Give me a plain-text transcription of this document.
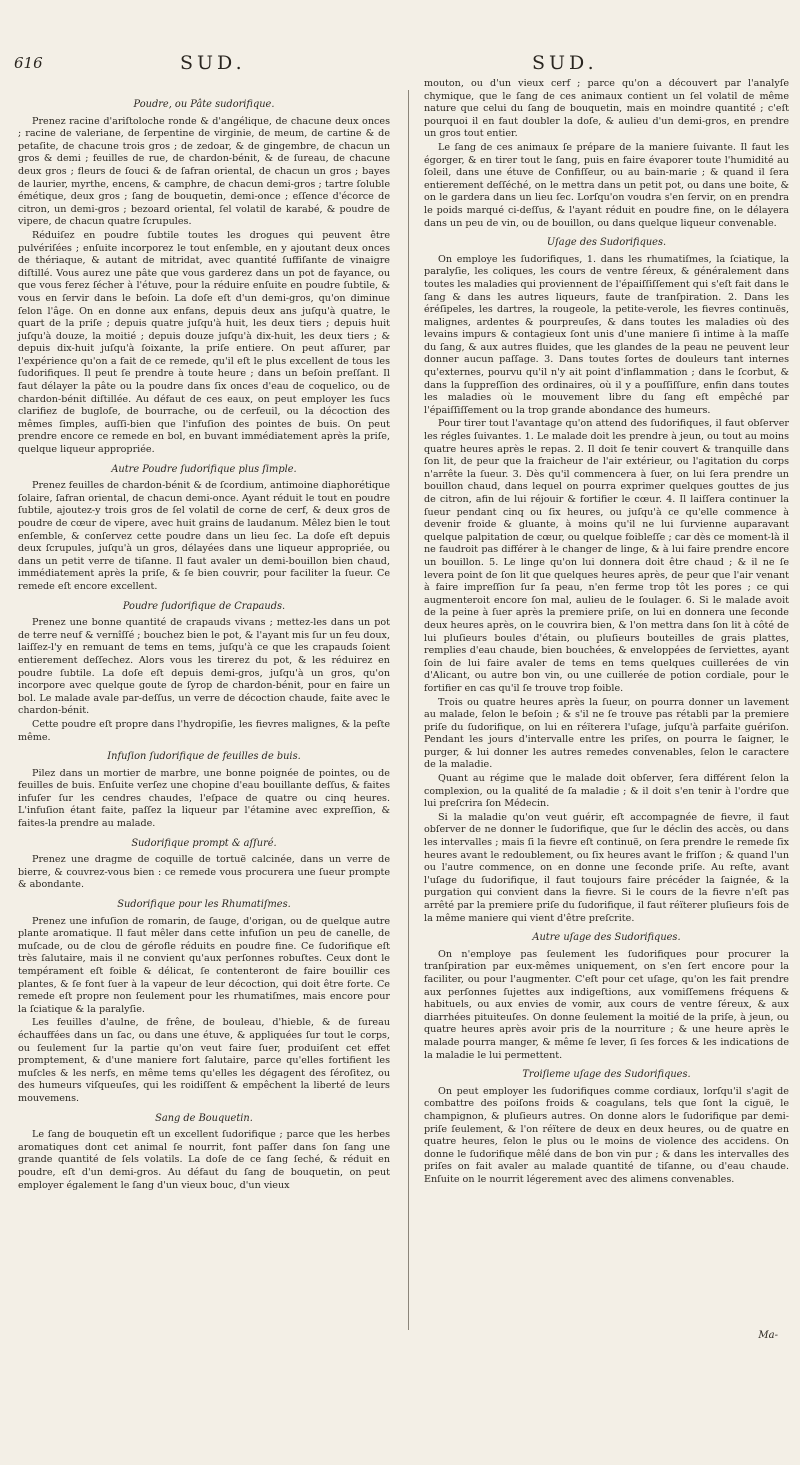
616	SUD.	SUD.
Poudre, ou Pâte sudorifique.

Prenez racine d'ariſtoloche ronde & d'angélique, de chacune deux onces ; racine de valeriane, de ſerpentine de virginie, de meum, de cartine & de petaſite, de chacune trois gros ; de zedoar, & de gingembre, de chacun un gros & demi ; feuilles de rue, de chardon-bénit, & de ſureau, de chacune deux gros ; fleurs de ſouci & de ſafran oriental, de chacun un gros ; bayes de laurier, myrthe, encens, & camphre, de chacun demi-gros ; tartre ſoluble émétique, deux gros ; ſang de bouquetin, demi-once ; eſſence d'écorce de citron, un demi-gros ; bezoard oriental, ſel volatil de karabé, & poudre de vipere, de chacun quatre ſcrupules.

Réduiſez en poudre ſubtile toutes les drogues qui peuvent être pulvériſées ; enſuite incorporez le tout enſemble, en y ajoutant deux onces de thériaque, & autant de mitridat, avec quantité ſuffiſante de vinaigre diſtillé. Vous aurez une pâte que vous garderez dans un pot de fayance, ou que vous ferez ſécher à l'étuve, pour la réduire enſuite en poudre ſubtile, & vous en ſervir dans le beſoin. La doſe eſt d'un demi-gros, qu'on diminue ſelon l'âge. On en donne aux enfans, depuis deux ans juſqu'à quatre, le quart de la priſe ; depuis quatre juſqu'à huit, les deux tiers ; depuis huit juſqu'à douze, la moitié ; depuis douze juſqu'à dix-huit, les deux tiers ; & depuis dix-huit juſqu'à ſoixante, la priſe entiere. On peut aſſurer, par l'expérience qu'on a fait de ce remede, qu'il eſt le plus excellent de tous les ſudorifiques. Il peut ſe prendre à toute heure ; dans un beſoin preſſant. Il faut délayer la pâte ou la poudre dans ſix onces d'eau de coquelico, ou de chardon-bénit diſtillée. Au défaut de ces eaux, on peut employer les ſucs clarifiez de bugloſe, de bourrache, ou de cerfeuil, ou la décoction des mêmes ſimples, auſſi-bien que l'infuſion des pointes de buis. On peut prendre encore ce remede en bol, en buvant immédiatement après la priſe, quelque liqueur appropriée.

Autre Poudre ſudorifique plus ſimple.

Prenez feuilles de chardon-bénit & de ſcordium, antimoine diaphorétique ſolaire, ſafran oriental, de chacun demi-once. Ayant réduit le tout en poudre ſubtile, ajoutez-y trois gros de ſel volatil de corne de cerf, & deux gros de poudre de cœur de vipere, avec huit grains de laudanum. Mêlez bien le tout enſemble, & conſervez cette poudre dans un lieu ſec. La doſe eſt depuis deux ſcrupules, juſqu'à un gros, délayées dans une liqueur appropriée, ou dans un petit verre de tiſanne. Il faut avaler un demi-bouillon bien chaud, immédiatement après la priſe, & ſe bien couvrir, pour faciliter la ſueur. Ce remede eſt encore excellent.

Poudre ſudorifique de Crapauds.

Prenez une bonne quantité de crapauds vivans ; mettez-les dans un pot de terre neuf & vernîſſé ; bouchez bien le pot, & l'ayant mis ſur un feu doux, laiſſez-l'y en remuant de tems en tems, juſqu'à ce que les crapauds ſoient entierement deſſechez. Alors vous les tirerez du pot, & les réduirez en poudre ſubtile. La doſe eſt depuis demi-gros, juſqu'à un gros, qu'on incorpore avec quelque goute de ſyrop de chardon-bénit, pour en faire un bol. Le malade avale par-deſſus, un verre de décoction chaude, faite avec le chardon-bénit.

Cette poudre eſt propre dans l'hydropiſie, les fievres malignes, & la peſte même.

Infuſion ſudorifique de feuilles de buis.

Pilez dans un mortier de marbre, une bonne poignée de pointes, ou de feuilles de buis. Enſuite verſez une chopine d'eau bouillante deſſus, & faites infuſer ſur les cendres chaudes, l'eſpace de quatre ou cinq heures. L'infuſion étant faite, paſſez la liqueur par l'étamine avec expreſſion, & faites-la prendre au malade.

Sudorifique prompt & aſſuré.

Prenez une dragme de coquille de tortuë calcinée, dans un verre de bierre, & couvrez-vous bien : ce remede vous procurera une ſueur prompte & abondante.

Sudorifique pour les Rhumatiſmes.

Prenez une infuſion de romarin, de ſauge, d'origan, ou de quelque autre plante aromatique. Il faut mêler dans cette infuſion un peu de canelle, de muſcade, ou de clou de gérofle réduits en poudre fine. Ce ſudorifique eſt très ſalutaire, mais il ne convient qu'aux perſonnes robuſtes. Ceux dont le tempérament eſt foible & délicat, ſe contenteront de faire bouillir ces plantes, & ſe font ſuer à la vapeur de leur décoction, qui doit être forte. Ce remede eſt propre non ſeulement pour les rhumatiſmes, mais encore pour la ſciatique & la paralyſie.

Les feuilles d'aulne, de frêne, de bouleau, d'hieble, & de ſureau échauffées dans un ſac, ou dans une étuve, & appliquées ſur tout le corps, ou ſeulement ſur la partie qu'on veut faire ſuer, produiſent cet effet promptement, & d'une maniere fort ſalutaire, parce qu'elles fortifient les muſcles & les nerfs, en même tems qu'elles les dégagent des ſéroſitez, ou des humeurs viſqueuſes, qui les roidiſſent & empêchent la liberté de leurs mouvemens.

Sang de Bouquetin.

Le ſang de bouquetin eſt un excellent ſudorifique ; parce que les herbes aromatiques dont cet animal ſe nourrit, font paſſer dans ſon ſang une grande quantité de ſels volatils. La doſe de ce ſang ſeché, & réduit en poudre, eſt d'un demi-gros. Au défaut du ſang de bouquetin, on peut employer également le ſang d'un vieux bouc, d'un vieux

mouton, ou d'un vieux cerf ; parce qu'on a découvert par l'analyſe chymique, que le ſang de ces animaux contient un ſel volatil de même nature que celui du ſang de bouquetin, mais en moindre quantité ; c'eſt pourquoi il en faut doubler la doſe, & aulieu d'un demi-gros, en prendre un gros tout entier.

Le ſang de ces animaux ſe prépare de la maniere ſuivante. Il faut les égorger, & en tirer tout le ſang, puis en faire évaporer toute l'humidité au ſoleil, dans une étuve de Confiſſeur, ou au bain-marie ; & quand il ſera entierement deſſéché, on le mettra dans un petit pot, ou dans une boite, & on le gardera dans un lieu ſec. Lorſqu'on voudra s'en ſervir, on en prendra le poids marqué ci-deſſus, & l'ayant réduit en poudre fine, on le délayera dans un peu de vin, ou de bouillon, ou dans quelque liqueur convenable.

Uſage des Sudorifiques.

On employe les ſudorifiques, 1. dans les rhumatiſmes, la ſciatique, la paralyſie, les coliques, les cours de ventre ſéreux, & généralement dans toutes les maladies qui proviennent de l'épaiſſiſſement qui s'eſt fait dans le ſang & dans les autres liqueurs, faute de tranſpiration. 2. Dans les éréſipeles, les dartres, la rougeole, la petite-verole, les fievres continuës, malignes, ardentes & pourpreuſes, & dans toutes les maladies où des levains impurs & contagieux ſont unis d'une maniere ſi intime à la maſſe du ſang, & aux autres fluides, que les glandes de la peau ne peuvent leur donner aucun paſſage. 3. Dans toutes ſortes de douleurs tant internes qu'externes, pourvu qu'il n'y ait point d'inflammation ; dans le ſcorbut, & dans la ſuppreſſion des ordinaires, où il y a pouſſiſſure, enfin dans toutes les maladies où le mouvement libre du ſang eſt empêché par l'épaiſſiſſement ou la trop grande abondance des humeurs.

Pour tirer tout l'avantage qu'on attend des ſudorifiques, il faut obſerver les régles ſuivantes. 1. Le malade doit les prendre à jeun, ou tout au moins quatre heures après le repas. 2. Il doit ſe tenir couvert & tranquille dans ſon lit, de peur que la fraicheur de l'air extérieur, ou l'agitation du corps n'arrête la ſueur. 3. Dès qu'il commencera à ſuer, on lui ſera prendre un bouillon chaud, dans lequel on pourra exprimer quelques gouttes de jus de citron, afin de lui réjouir & fortifier le cœur. 4. Il laiſſera continuer la ſueur pendant cinq ou ſix heures, ou juſqu'à ce qu'elle commence à devenir froide & gluante, à moins qu'il ne lui ſurvienne auparavant quelque palpitation de cœur, ou quelque foibleſſe ; car dès ce moment-là il ne faudroit pas différer à le changer de linge, & à lui faire prendre encore un bouillon. 5. Le linge qu'on lui donnera doit être chaud ; & il ne ſe levera point de ſon lit que quelques heures après, de peur que l'air venant à faire impreſſion ſur ſa peau, n'en ferme trop tôt les pores ; ce qui augmenteroit encore ſon mal, aulieu de le ſoulager. 6. Si le malade avoit de la peine à ſuer après la premiere priſe, on lui en donnera une ſeconde deux heures après, on le couvrira bien, & l'on mettra dans ſon lit à côté de lui pluſieurs boules d'étain, ou pluſieurs bouteilles de grais plattes, remplies d'eau chaude, bien bouchées, & enveloppées de ſerviettes, ayant ſoin de lui faire avaler de tems en tems quelques cuillerées de vin d'Alicant, ou autre bon vin, ou une cuillerée de potion cordiale, pour le fortifier en cas qu'il ſe trouve trop foible.

Trois ou quatre heures après la ſueur, on pourra donner un lavement au malade, ſelon le beſoin ; & s'il ne ſe trouve pas rétabli par la premiere priſe du ſudorifique, on lui en réïterera l'uſage, juſqu'à parfaite guériſon. Pendant les jours d'intervalle entre les priſes, on pourra le ſaigner, le purger, & lui donner les autres remedes convenables, ſelon le caractere de la maladie.

Quant au régime que le malade doit obſerver, ſera différent ſelon la complexion, ou la qualité de ſa maladie ; & il doit s'en tenir à l'ordre que lui preſcrira ſon Médecin.

Si la maladie qu'on veut guérir, eſt accompagnée de fievre, il faut obſerver de ne donner le ſudorifique, que ſur le déclin des accès, ou dans les intervalles ; mais ſi la fievre eſt continuë, on ſera prendre le remede ſix heures avant le redoublement, ou ſix heures avant le friſſon ; & quand l'un ou l'autre commence, on en donne une ſeconde priſe. Au reſte, avant l'uſage du ſudorifique, il faut toujours faire précéder la ſaignée, & la purgation qui convient dans la fievre. Si le cours de la fievre n'eſt pas arrêté par la premiere priſe du ſudorifique, il faut réïterer pluſieurs fois de la même maniere qui vient d'être preſcrite.

Autre uſage des Sudorifiques.

On n'employe pas ſeulement les ſudorifiques pour procurer la tranſpiration par eux-mêmes uniquement, on s'en ſert encore pour la faciliter, ou pour l'augmenter. C'eſt pour cet uſage, qu'on les fait prendre aux perſonnes ſujettes aux indigeſtions, aux vomiſſemens fréquens & habituels, ou aux envies de vomir, aux cours de ventre ſéreux, & aux diarrhées pituiteuſes. On donne ſeulement la moitié de la priſe, à jeun, ou quatre heures après avoir pris de la nourriture ; & une heure après le malade pourra manger, & même ſe lever, ſi ſes forces & les indications de la maladie le lui permettent.

Troiſieme uſage des Sudorifiques.

On peut employer les ſudorifiques comme cordiaux, lorſqu'il s'agit de combattre des poiſons froids & coagulans, tels que ſont la ciguë, le champignon, & pluſieurs autres. On donne alors le ſudorifique par demi-priſe ſeulement, & l'on réïtere de deux en deux heures, ou de quatre en quatre heures, ſelon le plus ou le moins de violence des accidens. On donne le ſudorifique mêlé dans de bon vin pur ; & dans les intervalles des priſes on fait avaler au malade quantité de tiſanne, ou d'eau chaude. Enſuite on le nourrit légerement avec des alimens convenables.

Ma-
